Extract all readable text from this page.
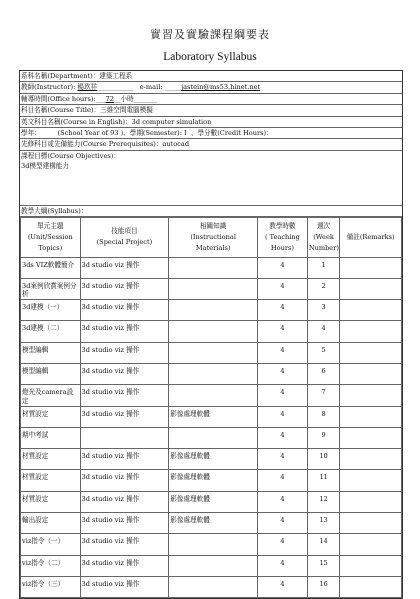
實習及實驗課程綱要表
Laboratory Syllabus
系科名稱(Department)：建築工程系
教師(Instructor): 楊玖祥___________ e-mail: _____jastein@ms53.hinet.net
輔導時間(Office hours):___72__小時_______
科目名稱(Course Title)：三維空間電腦模擬
英文科目名稱(Course in English)：3d computer simulation
學年：        (School Year of 93 )、學期(Semester): I  、學分數(Credit Hours)：
先修科目或先備能力(Course Prerequisites)：autocad
課程目標(Course Objectives)：
3d模型建構能力
教學大綱(Syllabus)：
單元主題
(Unit/Session
Topics)	技能項目
(Special Project)	相關知識
(Instructional
Materials)	教學時數
( Teaching
Hours)	週次
(Week
Number)	備註(Remarks)

3ds VIZ軟體簡介	3d studio viz 操作		4	1	
3d案例欣賞案例分析	3d studio viz 操作		4	2	
3d建模（一）	3d studio viz 操作		4	3	
3d建模（二）	3d studio viz 操作		4	4	
模型編輯	3d studio viz 操作		4	5	
模型編輯	3d studio viz 操作		4	6	
燈光及camera設定	3d studio viz 操作		4	7	
材質設定	3d studio viz 操作	影像處理軟體	4	8	
期中考試			4	9	
材質設定	3d studio viz 操作	影像處理軟體	4	10	
材質設定	3d studio viz 操作	影像處理軟體	4	11	
材質設定	3d studio viz 操作	影像處理軟體	4	12	
輸出設定	3d studio viz 操作	影像處理軟體	4	13	
viz指令（一）	3d studio viz 操作		4	14	
viz指令（二）	3d studio viz 操作		4	15	
viz指令（三）	3d studio viz 操作		4	16	
